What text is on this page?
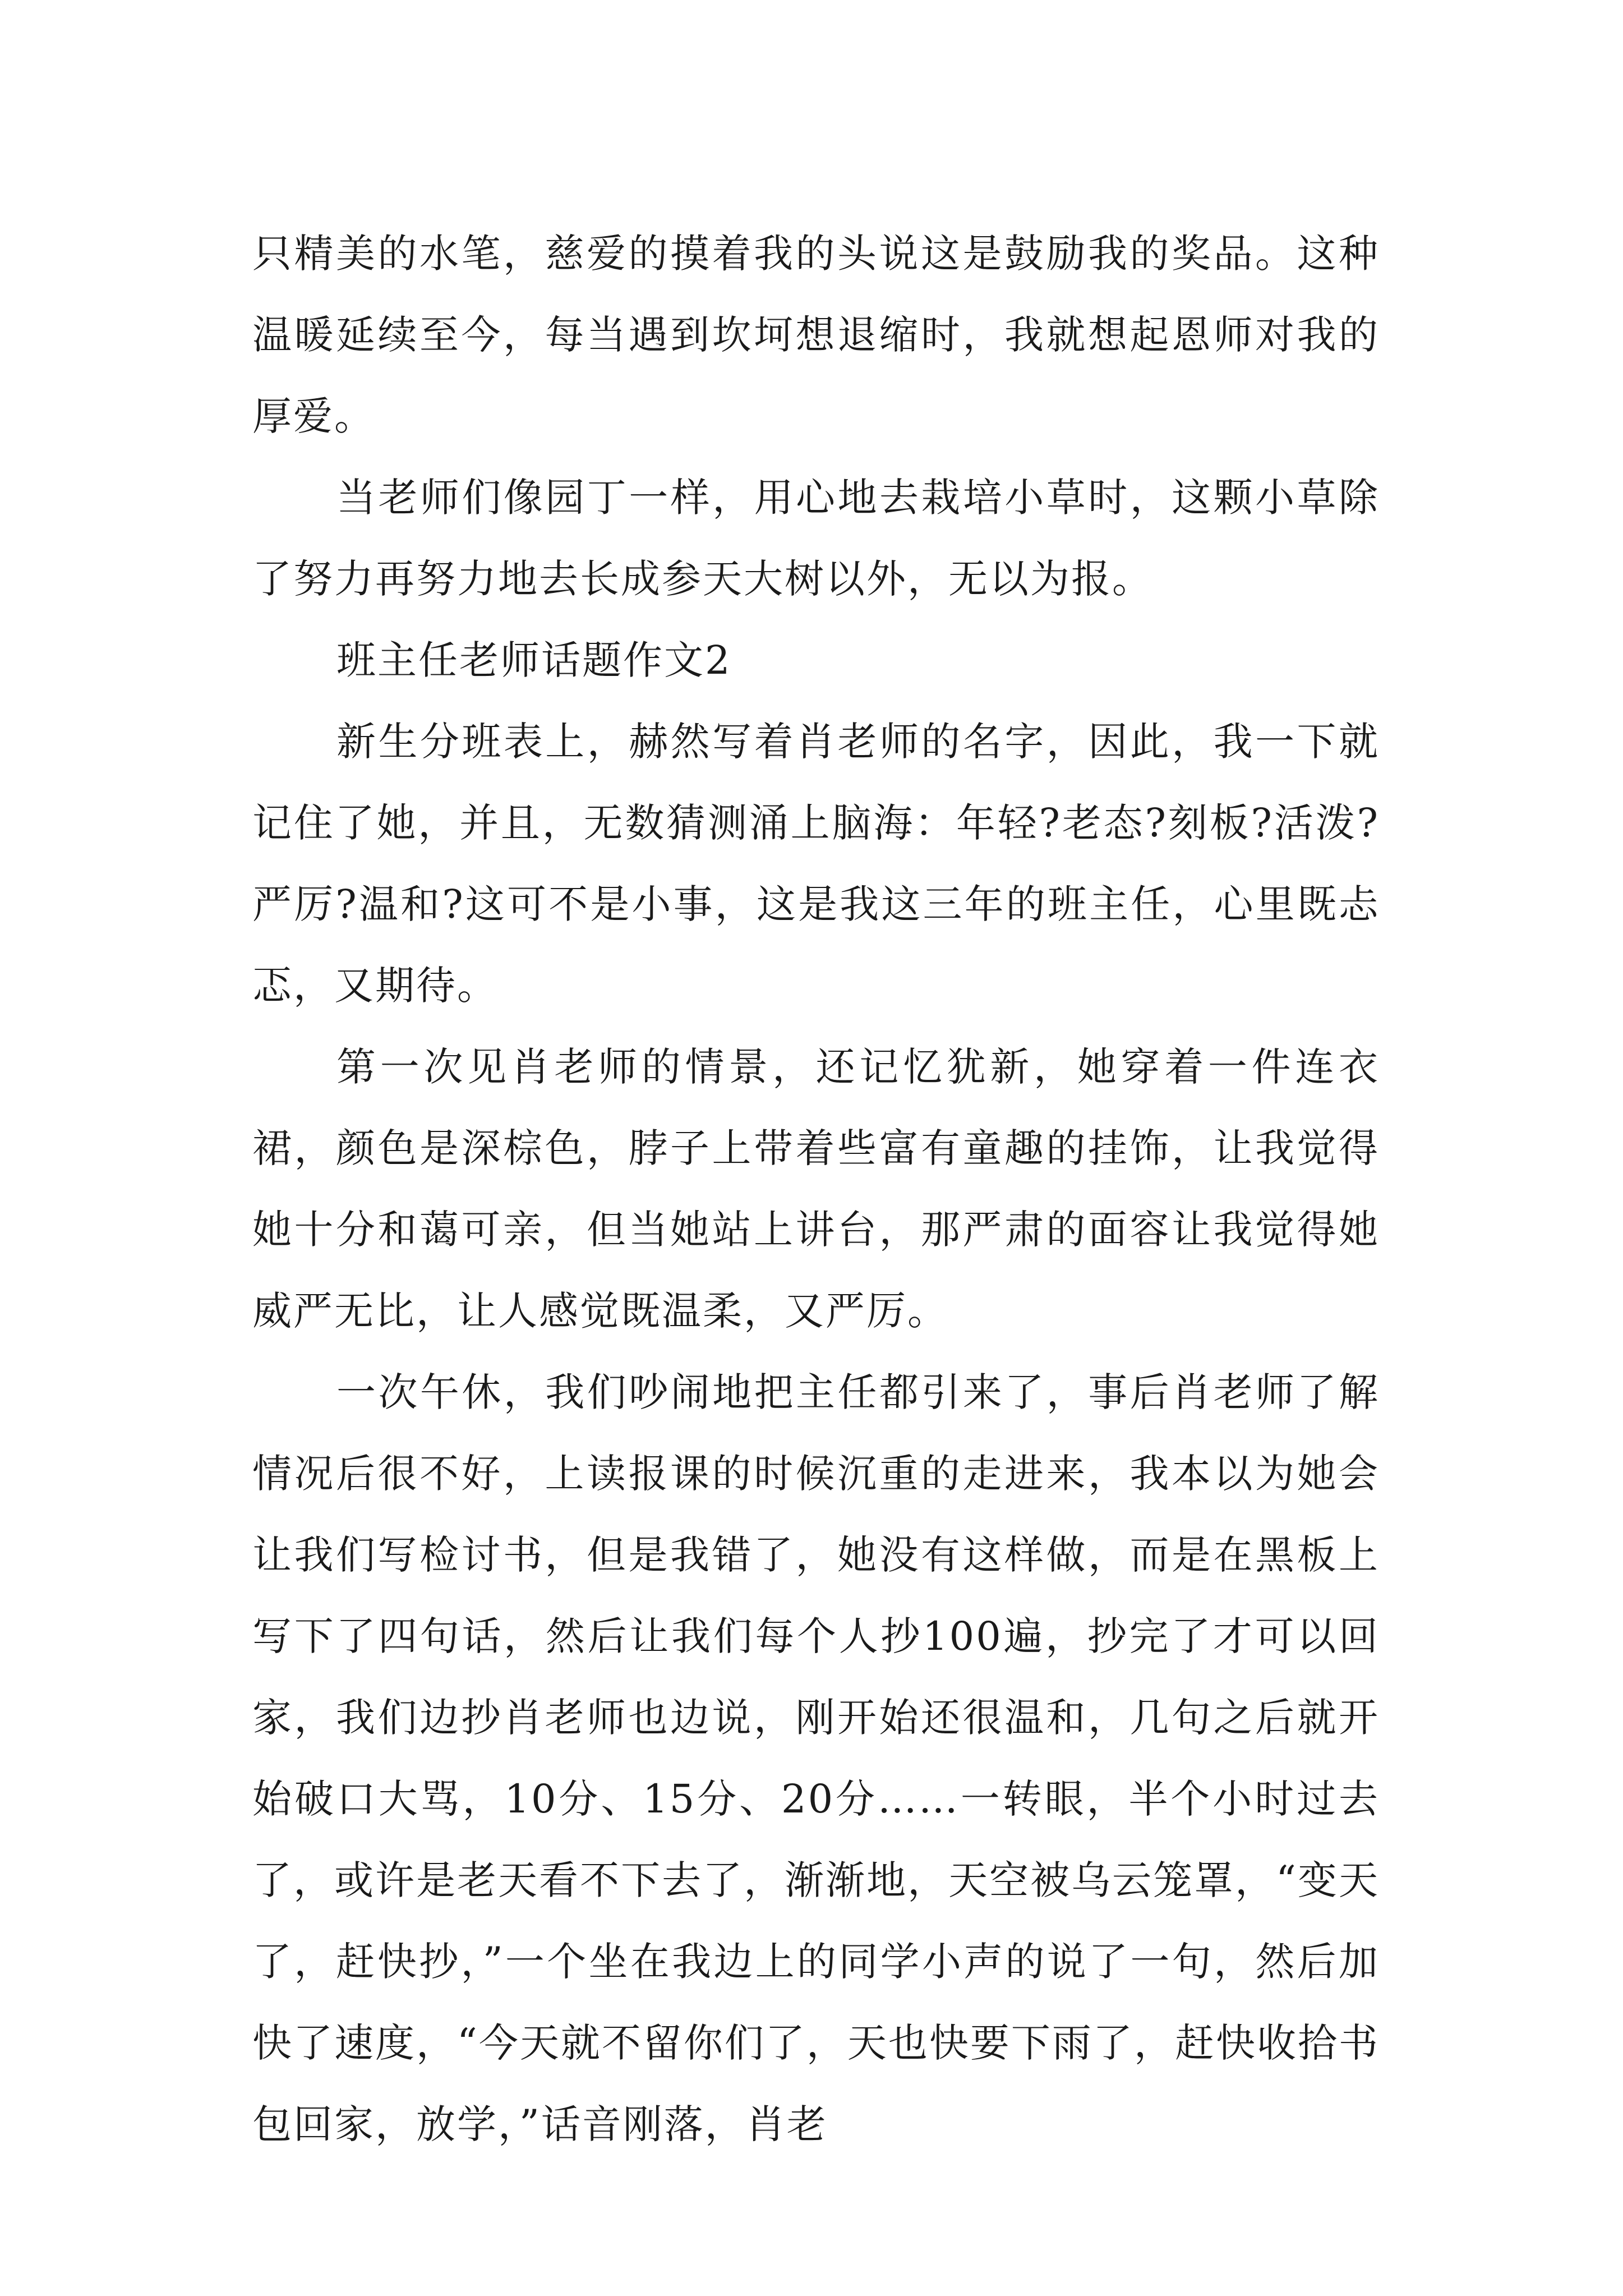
只精美的水笔，慈爱的摸着我的头说这是鼓励我的奖品。这种温暖延续至今，每当遇到坎坷想退缩时，我就想起恩师对我的厚爱。

当老师们像园丁一样，用心地去栽培小草时，这颗小草除了努力再努力地去长成参天大树以外，无以为报。

班主任老师话题作文2

新生分班表上，赫然写着肖老师的名字，因此，我一下就记住了她，并且，无数猜测涌上脑海：年轻?老态?刻板?活泼?严厉?温和?这可不是小事，这是我这三年的班主任，心里既忐忑，又期待。

第一次见肖老师的情景，还记忆犹新，她穿着一件连衣裙，颜色是深棕色，脖子上带着些富有童趣的挂饰，让我觉得她十分和蔼可亲，但当她站上讲台，那严肃的面容让我觉得她威严无比，让人感觉既温柔，又严厉。

一次午休，我们吵闹地把主任都引来了，事后肖老师了解情况后很不好，上读报课的时候沉重的走进来，我本以为她会让我们写检讨书，但是我错了，她没有这样做，而是在黑板上写下了四句话，然后让我们每个人抄100遍，抄完了才可以回家，我们边抄肖老师也边说，刚开始还很温和，几句之后就开始破口大骂，10分、15分、20分……一转眼，半个小时过去了，或许是老天看不下去了，渐渐地，天空被乌云笼罩，“变天了，赶快抄，”一个坐在我边上的同学小声的说了一句，然后加快了速度，“今天就不留你们了，天也快要下雨了，赶快收拾书包回家，放学，”话音刚落，肖老
